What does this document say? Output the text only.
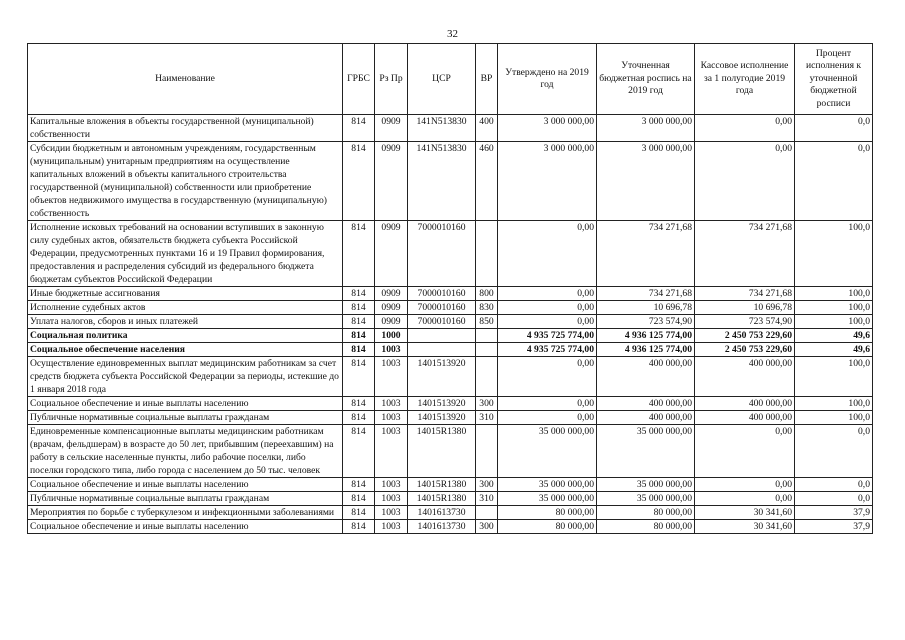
32
Наименование	ГРБС	Рз Пр	ЦСР	ВР	Утверждено на 2019 год	Уточненная бюджетная роспись на 2019 год	Кассовое исполнение за 1 полугодие 2019 года	Процент исполнения к уточненной бюджетной росписи
Капитальные вложения в объекты государственной (муниципальной) собственности	814	0909	141N513830	400	3 000 000,00	3 000 000,00	0,00	0,0
Субсидии бюджетным и автономным учреждениям, государственным (муниципальным) унитарным предприятиям на осуществление капитальных вложений в объекты капитального строительства государственной (муниципальной) собственности или приобретение объектов недвижимого имущества в государственную (муниципальную) собственность	814	0909	141N513830	460	3 000 000,00	3 000 000,00	0,00	0,0
Исполнение исковых требований на основании вступивших в законную силу судебных актов, обязательств бюджета субъекта Российской Федерации, предусмотренных пунктами 16 и 19 Правил формирования, предоставления и распределения субсидий из федерального бюджета бюджетам субъектов Российской Федерации	814	0909	7000010160		0,00	734 271,68	734 271,68	100,0
Иные бюджетные ассигнования	814	0909	7000010160	800	0,00	734 271,68	734 271,68	100,0
Исполнение судебных актов	814	0909	7000010160	830	0,00	10 696,78	10 696,78	100,0
Уплата налогов, сборов и иных платежей	814	0909	7000010160	850	0,00	723 574,90	723 574,90	100,0
Социальная политика	814	1000			4 935 725 774,00	4 936 125 774,00	2 450 753 229,60	49,6
Социальное обеспечение населения	814	1003			4 935 725 774,00	4 936 125 774,00	2 450 753 229,60	49,6
Осуществление единовременных выплат медицинским работникам за счет средств бюджета субъекта Российской Федерации за периоды, истекшие до 1 января 2018 года	814	1003	1401513920		0,00	400 000,00	400 000,00	100,0
Социальное обеспечение и иные выплаты населению	814	1003	1401513920	300	0,00	400 000,00	400 000,00	100,0
Публичные нормативные социальные выплаты гражданам	814	1003	1401513920	310	0,00	400 000,00	400 000,00	100,0
Единовременные компенсационные выплаты медицинским работникам (врачам, фельдшерам) в возрасте до 50 лет, прибывшим (переехавшим) на работу в сельские населенные пункты, либо рабочие поселки, либо поселки городского типа, либо города с населением до 50 тыс. человек	814	1003	14015R1380		35 000 000,00	35 000 000,00	0,00	0,0
Социальное обеспечение и иные выплаты населению	814	1003	14015R1380	300	35 000 000,00	35 000 000,00	0,00	0,0
Публичные нормативные социальные выплаты гражданам	814	1003	14015R1380	310	35 000 000,00	35 000 000,00	0,00	0,0
Мероприятия по борьбе с туберкулезом и инфекционными заболеваниями	814	1003	1401613730		80 000,00	80 000,00	30 341,60	37,9
Социальное обеспечение и иные выплаты населению	814	1003	1401613730	300	80 000,00	80 000,00	30 341,60	37,9
